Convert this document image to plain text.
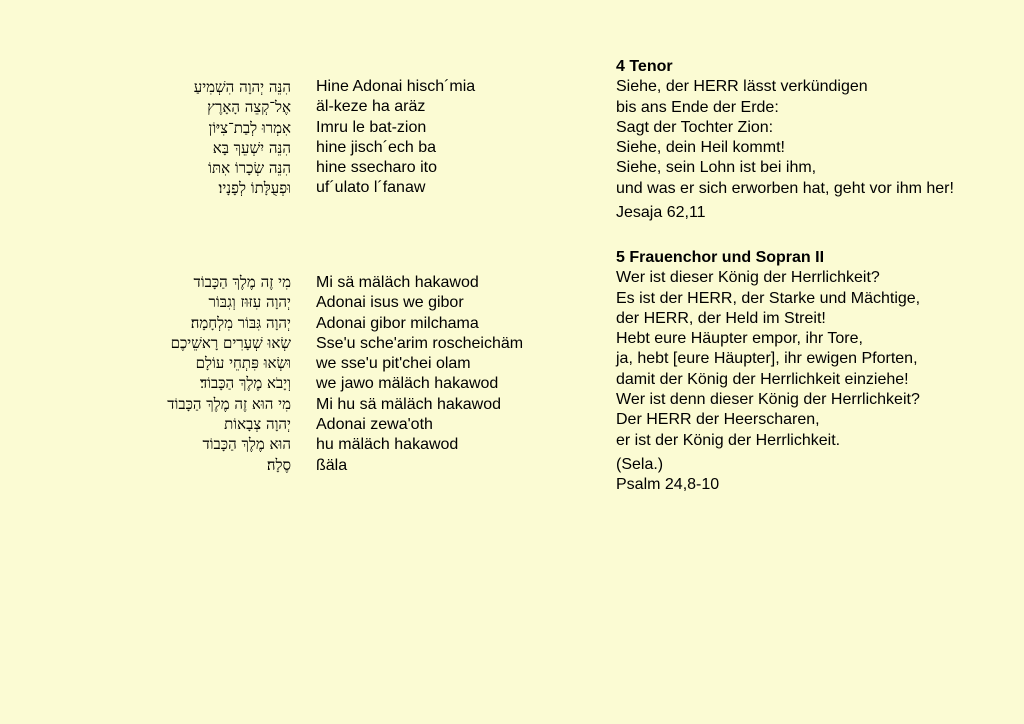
הִנֵּה יְהוָה הִשְׁמִיעַ
אֶל־קְצֵה הָאָרֶץ
אִמְרוּ לְבַת־צִיּוֹן
הִנֵּה יִשְׁעֵךְ בָּא
הִנֵּה שְׂכָרוֹ אִתּוֹ
וּפְעֻלָּתוֹ לְפָנָיו׃
Hine Adonai hisch´mia
äl-keze ha aräz
Imru le bat-zion
hine jisch´ech ba
hine ssecharo ito
uf´ulato l´fanaw
4 Tenor
Siehe, der HERR lässt verkündigen
bis ans Ende der Erde:
Sagt der Tochter Zion:
Siehe, dein Heil kommt!
Siehe, sein Lohn ist bei ihm,
und was er sich erworben hat, geht vor ihm her!
Jesaja 62,11
מִי זֶה מֶלֶךְ הַכָּבוֹד
יְהוָה עִזּוּז וְגִבּוֹר
יְהוָה גִּבּוֹר מִלְחָמָה׃
שְׂאוּ שְׁעָרִים רָאשֵׁיכֶם
וּשְׂאוּ פִּתְחֵי עוֹלָם
וְיָבֹא מֶלֶךְ הַכָּבוֹד׃
מִי הוּא זֶה מֶלֶךְ הַכָּבוֹד
יְהוָה צְבָאוֹת
הוּא מֶלֶךְ הַכָּבוֹד
סֶלָה׃
Mi sä mäläch hakawod
Adonai isus we gibor
Adonai gibor milchama
Sse'u sche'arim roscheichäm
we sse'u pit'chei olam
we jawo mäläch hakawod
Mi hu sä mäläch hakawod
Adonai zewa'oth
hu mäläch hakawod
ßäla
5 Frauenchor und Sopran II
Wer ist dieser König der Herrlichkeit?
Es ist der HERR, der Starke und Mächtige,
der HERR, der Held im Streit!
Hebt eure Häupter empor, ihr Tore,
ja, hebt [eure Häupter], ihr ewigen Pforten,
damit der König der Herrlichkeit einziehe!
Wer ist denn dieser König der Herrlichkeit?
Der HERR der Heerscharen,
er ist der König der Herrlichkeit.
(Sela.)
Psalm 24,8-10
